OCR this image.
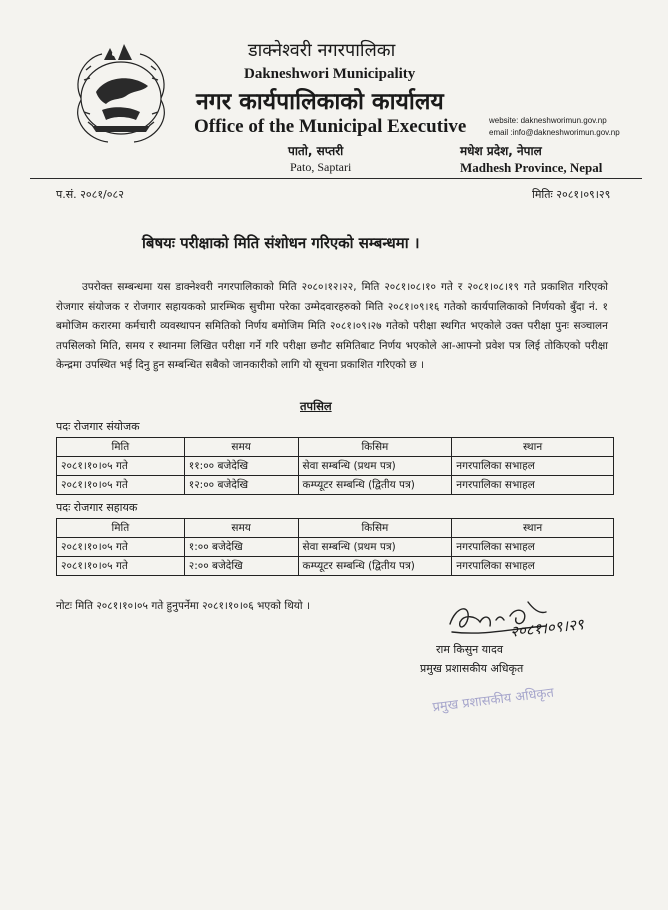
डाक्नेश्वरी नगरपालिका
Dakneshwori Municipality
नगर कार्यपालिकाको कार्यालय
Office of the Municipal Executive
पातो, सप्तरी
Pato, Saptari
website: dakneshworimun.gov.np
email :info@dakneshworimun.gov.np
मधेश प्रदेश, नेपाल
Madhesh Province, Nepal
प.सं. २०८१/०८२	मितिः २०८१।०९।२९
बिषयः परीक्षाको मिति संशोधन गरिएको सम्बन्धमा ।
उपरोक्त सम्बन्धमा यस डाक्नेश्वरी नगरपालिकाको मिति २०८०।१२।२२, मिति २०८१।०८।१० गते र २०८१।०८।१९ गते प्रकाशित गरिएको रोजगार संयोजक र रोजगार सहायकको प्रारम्भिक सुचीमा परेका उम्मेदवारहरुको मिति २०८१।०९।१६ गतेको कार्यपालिकाको निर्णयको बुँदा नं. १ बमोजिम करारमा कर्मचारी व्यवस्थापन समितिको निर्णय बमोजिम मिति २०८१।०९।२७ गतेको परीक्षा स्थगित भएकोले उक्त परीक्षा पुनः सञ्चालन तपसिलको मिति, समय र स्थानमा लिखित परीक्षा गर्ने गरि परीक्षा छनौट समितिबाट निर्णय भएकोले आ-आफ्नो प्रवेश पत्र लिई तोकिएको परीक्षा केन्द्रमा उपस्थित भई दिनु हुन सम्बन्धित सबैको जानकारीको लागि यो सूचना प्रकाशित गरिएको छ ।
तपसिल
पदः रोजगार संयोजक
मिति	समय	किसिम	स्थान
२०८१।१०।०५ गते	११:०० बजेदेखि	सेवा सम्बन्धि (प्रथम पत्र)	नगरपालिका सभाहल
२०८१।१०।०५ गते	१२:०० बजेदेखि	कम्प्यूटर सम्बन्धि (द्वितीय पत्र)	नगरपालिका सभाहल
पदः रोजगार सहायक
मिति	समय	किसिम	स्थान
२०८१।१०।०५ गते	१:०० बजेदेखि	सेवा सम्बन्धि (प्रथम पत्र)	नगरपालिका सभाहल
२०८१।१०।०५ गते	२:०० बजेदेखि	कम्प्यूटर सम्बन्धि (द्वितीय पत्र)	नगरपालिका सभाहल
नोटः मिति २०८१।१०।०५ गते हुनुपर्नेमा २०८१।१०।०६ भएको थियो ।
२०८१।०९।२९
राम किसुन यादव
प्रमुख प्रशासकीय अधिकृत
प्रमुख प्रशासकीय अधिकृत
